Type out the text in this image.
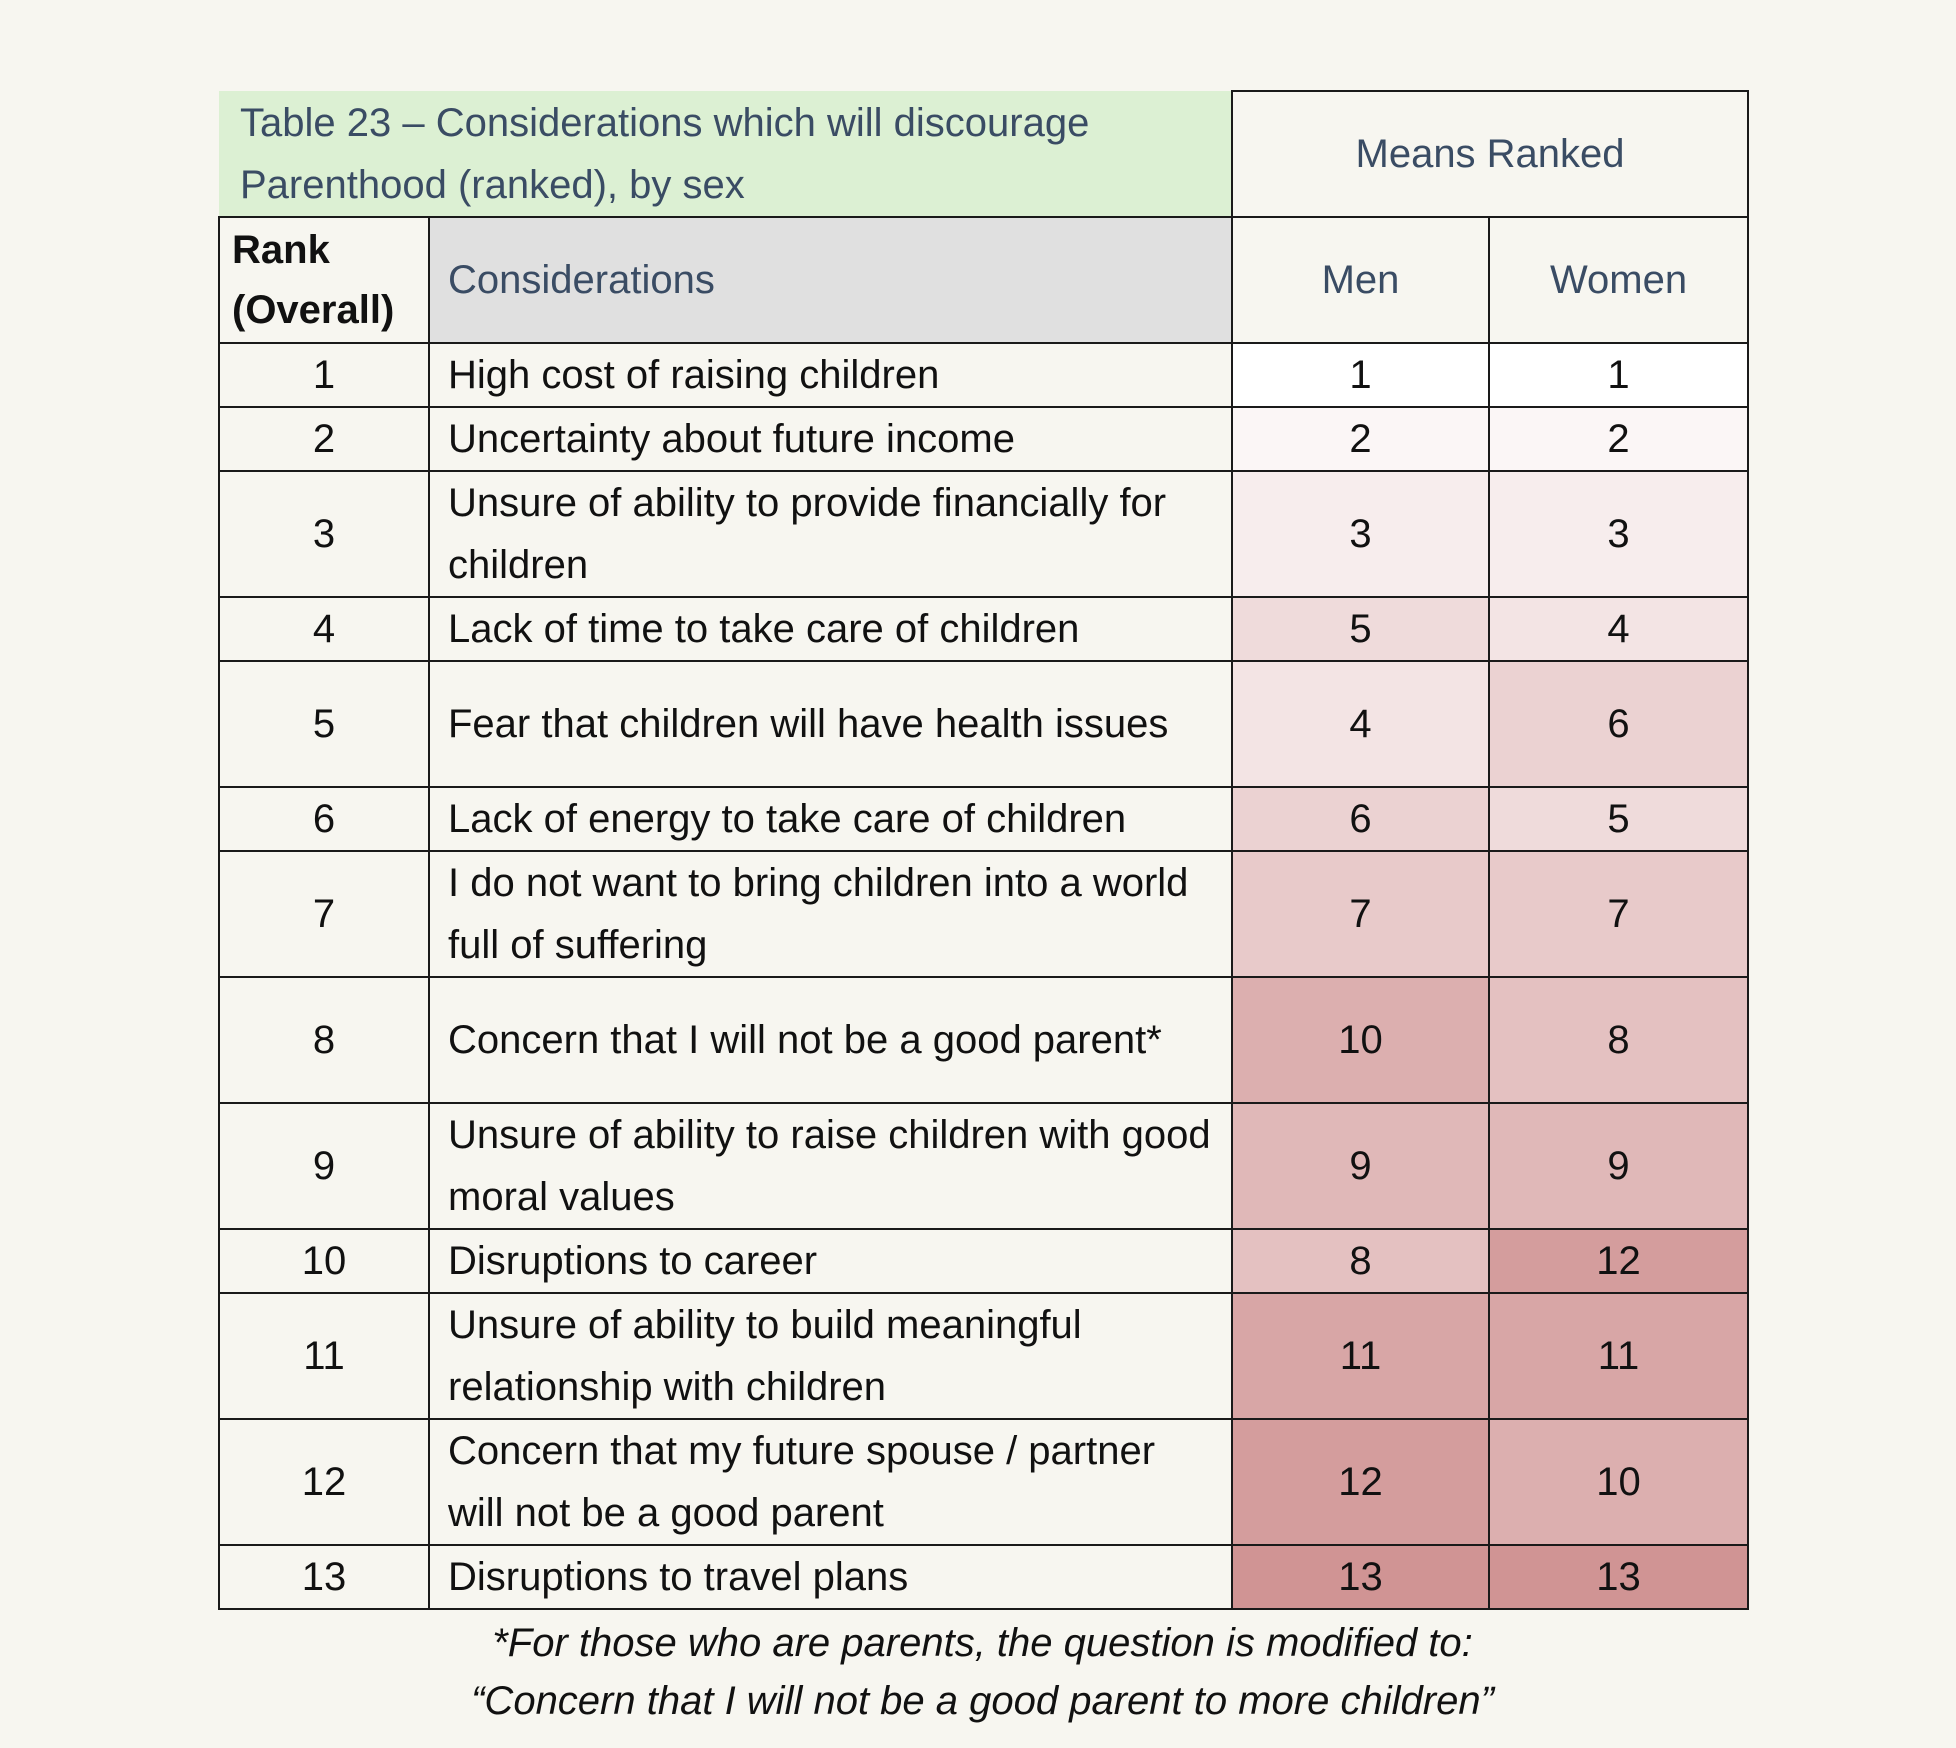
Table 23 – Considerations which will discourage Parenthood (ranked), by sex		Means Ranked	
Rank (Overall)	Considerations	Men	Women
1	High cost of raising children	1	1
2	Uncertainty about future income	2	2
3	Unsure of ability to provide financially for children	3	3
4	Lack of time to take care of children	5	4
5	Fear that children will have health issues	4	6
6	Lack of energy to take care of children	6	5
7	I do not want to bring children into a world full of suffering	7	7
8	Concern that I will not be a good parent*	10	8
9	Unsure of ability to raise children with good moral values	9	9
10	Disruptions to career	8	12
11	Unsure of ability to build meaningful relationship with children	11	11
12	Concern that my future spouse / partner will not be a good parent	12	10
13	Disruptions to travel plans	13	13
*For those who are parents, the question is modified to:
“Concern that I will not be a good parent to more children”
